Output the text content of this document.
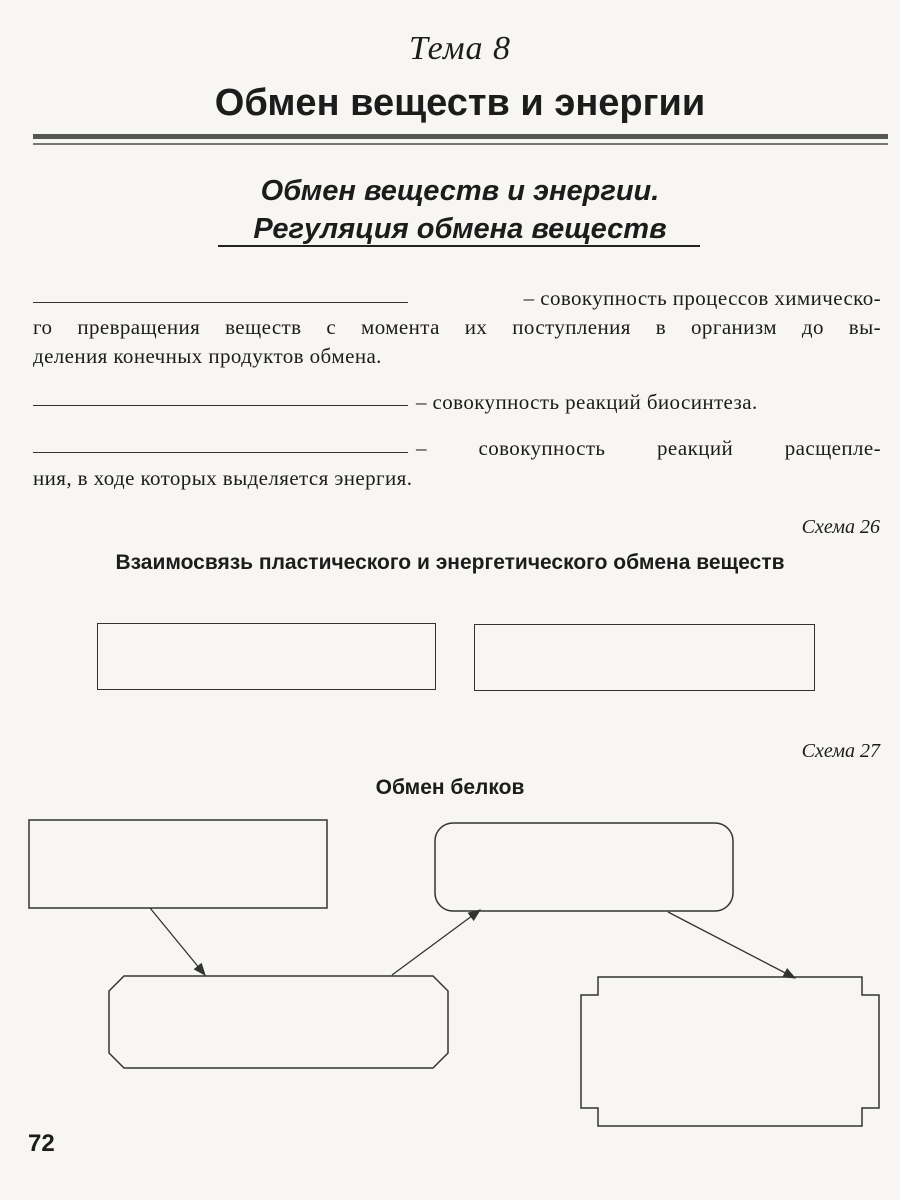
Тема 8
Обмен веществ и энергии
Обмен веществ и энергии.
Регуляция обмена веществ
– совокупность процессов химическо-
го превращения веществ с момента их поступления в организм до вы-
деления конечных продуктов обмена.
– совокупность реакций биосинтеза.
– совокупность реакций расщепле-
ния, в ходе которых выделяется энергия.
Схема 26
Взаимосвязь пластического и энергетического обмена веществ
Схема 27
Обмен белков
72
